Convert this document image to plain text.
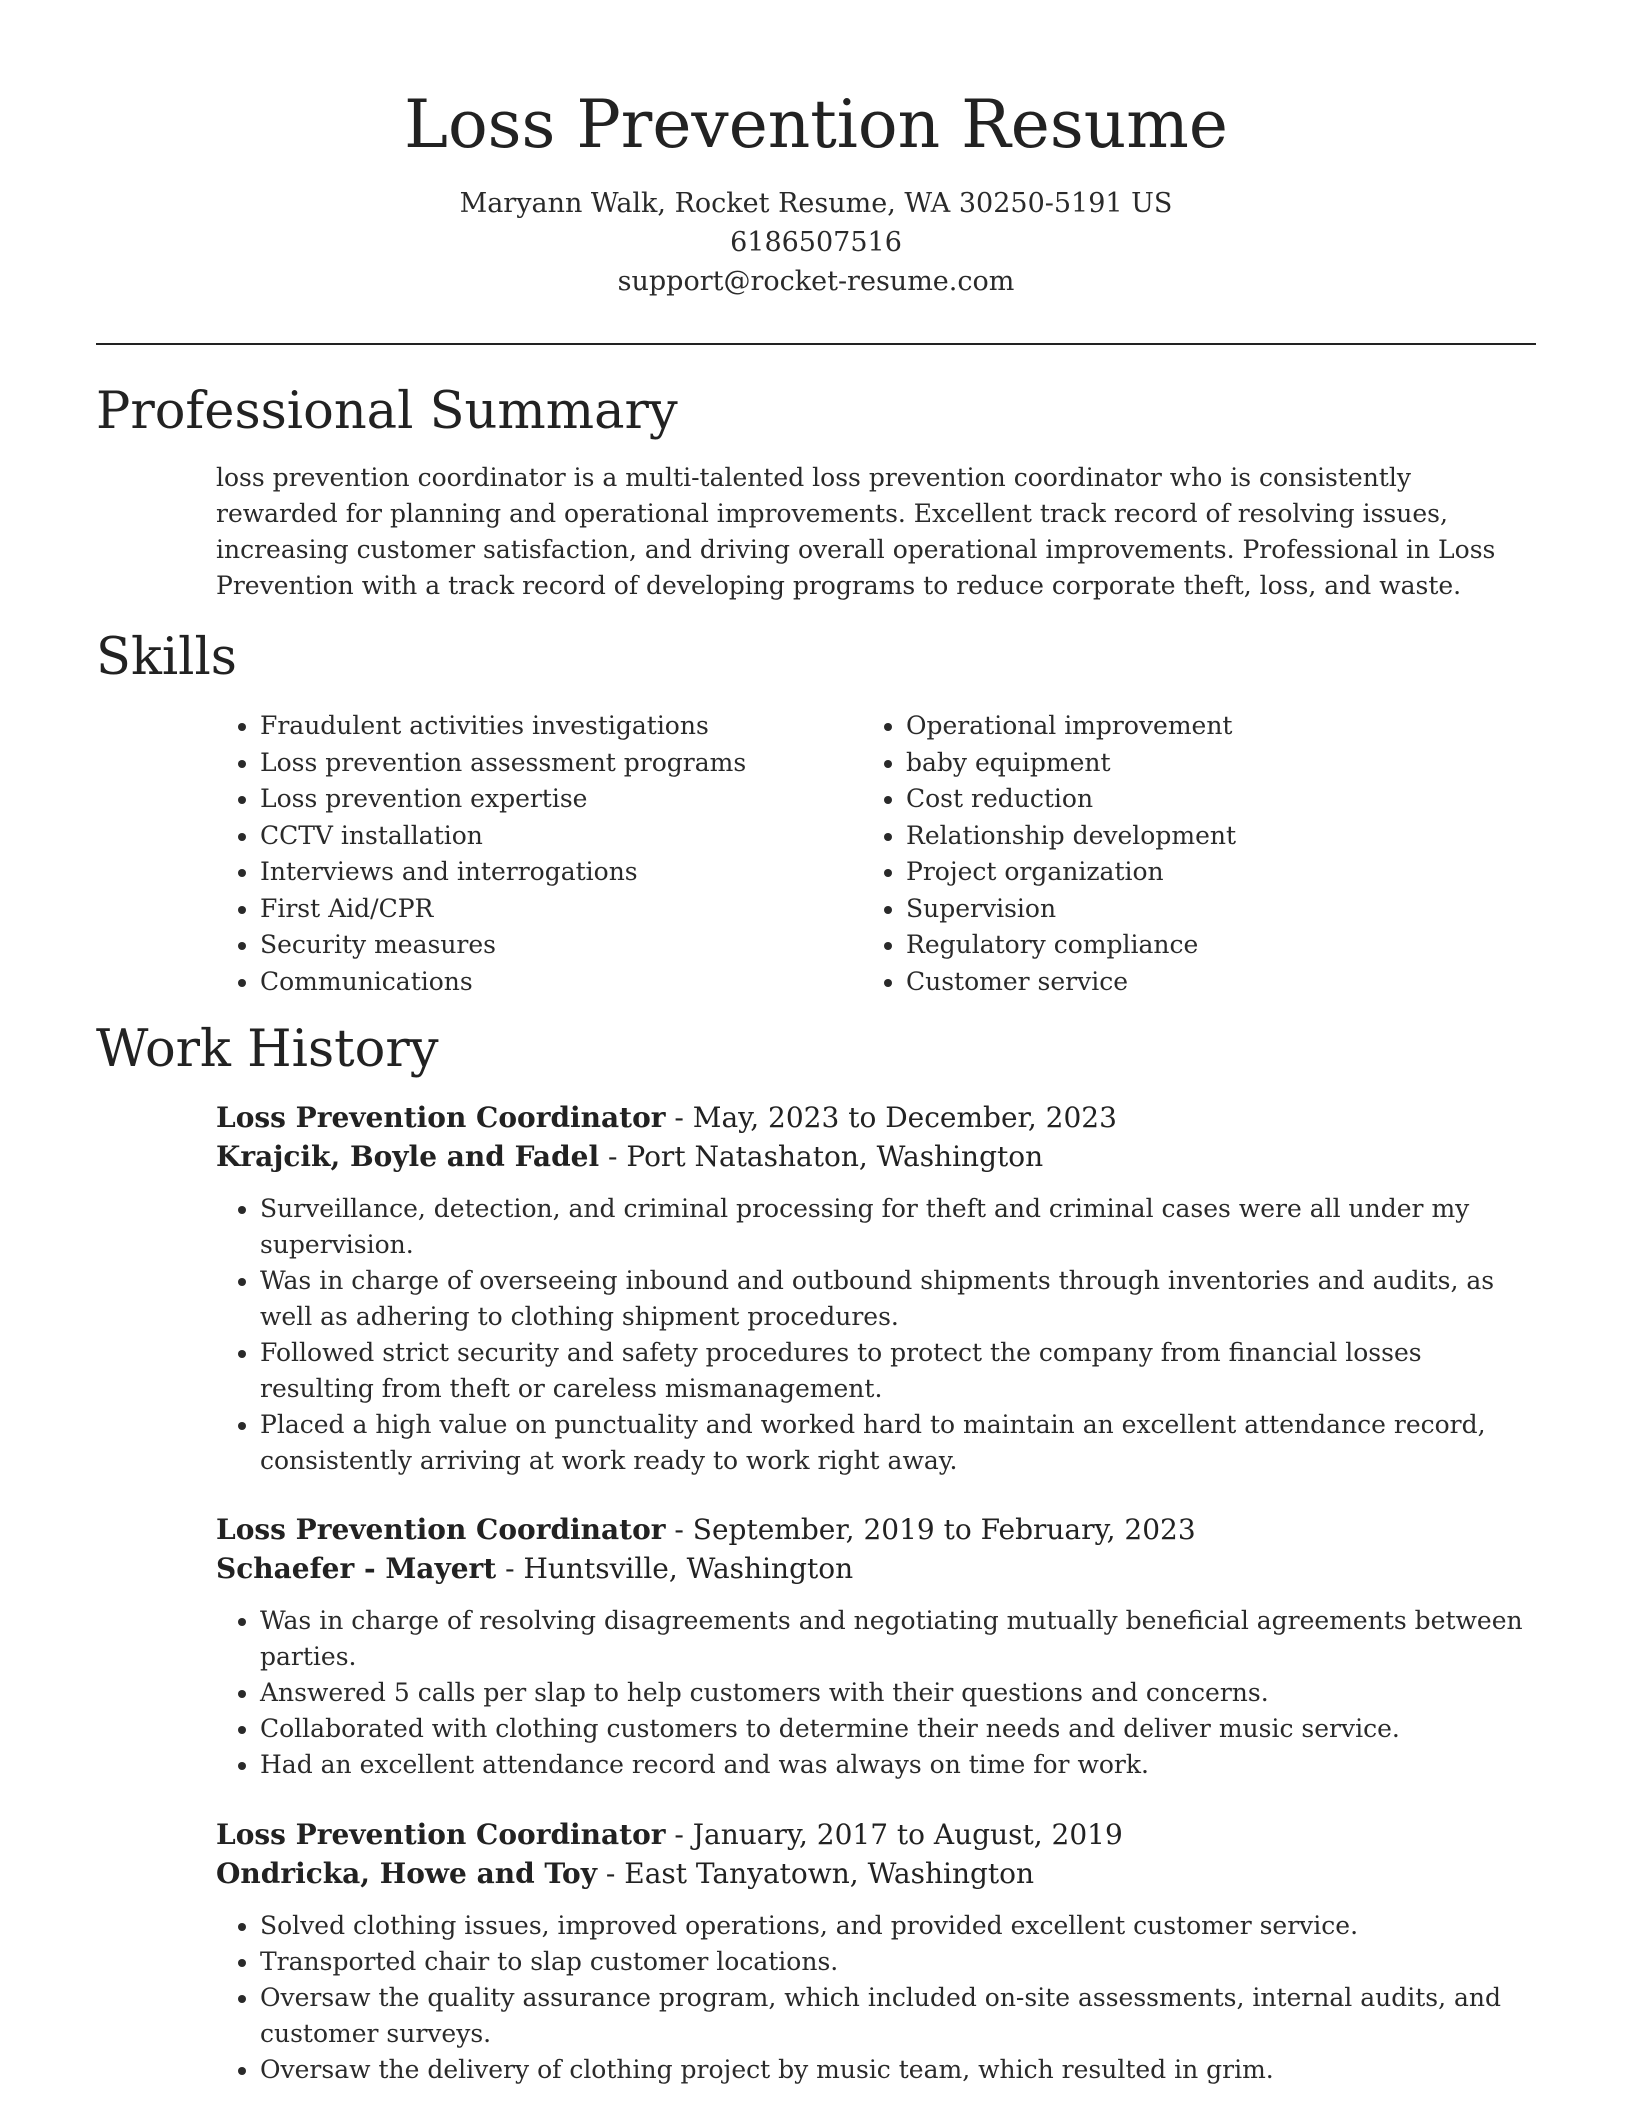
Loss Prevention Resume
Maryann Walk, Rocket Resume, WA 30250-5191 US
6186507516
support@rocket-resume.com
Professional Summary

loss prevention coordinator is a multi-talented loss prevention coordinator who is consistently rewarded for planning and operational improvements. Excellent track record of resolving issues, increasing customer satisfaction, and driving overall operational improvements. Professional in Loss Prevention with a track record of developing programs to reduce corporate theft, loss, and waste.

Skills
• Fraudulent activities investigations
• Loss prevention assessment programs
• Loss prevention expertise
• CCTV installation
• Interviews and interrogations
• First Aid/CPR
• Security measures
• Communications
• Operational improvement
• baby equipment
• Cost reduction
• Relationship development
• Project organization
• Supervision
• Regulatory compliance
• Customer service
Work History
Loss Prevention Coordinator - May, 2023 to December, 2023
Krajcik, Boyle and Fadel - Port Natashaton, Washington
• Surveillance, detection, and criminal processing for theft and criminal cases were all under my supervision.
• Was in charge of overseeing inbound and outbound shipments through inventories and audits, as well as adhering to clothing shipment procedures.
• Followed strict security and safety procedures to protect the company from financial losses resulting from theft or careless mismanagement.
• Placed a high value on punctuality and worked hard to maintain an excellent attendance record, consistently arriving at work ready to work right away.
Loss Prevention Coordinator - September, 2019 to February, 2023
Schaefer - Mayert - Huntsville, Washington
• Was in charge of resolving disagreements and negotiating mutually beneficial agreements between parties.
• Answered 5 calls per slap to help customers with their questions and concerns.
• Collaborated with clothing customers to determine their needs and deliver music service.
• Had an excellent attendance record and was always on time for work.
Loss Prevention Coordinator - January, 2017 to August, 2019
Ondricka, Howe and Toy - East Tanyatown, Washington
• Solved clothing issues, improved operations, and provided excellent customer service.
• Transported chair to slap customer locations.
• Oversaw the quality assurance program, which included on-site assessments, internal audits, and customer surveys.
• Oversaw the delivery of clothing project by music team, which resulted in grim.
